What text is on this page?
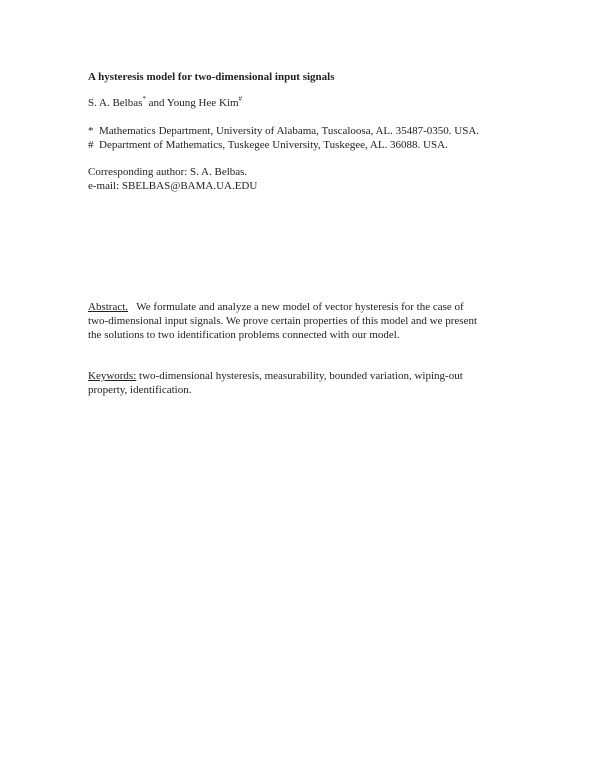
A hysteresis model for two-dimensional input signals
S. A. Belbas* and Young Hee Kim#
* Mathematics Department, University of Alabama, Tuscaloosa, AL. 35487-0350. USA.
# Department of Mathematics, Tuskegee University, Tuskegee, AL. 36088. USA.
Corresponding author: S. A. Belbas.
e-mail: SBELBAS@BAMA.UA.EDU
Abstract. We formulate and analyze a new model of vector hysteresis for the case of
two-dimensional input signals. We prove certain properties of this model and we present
the solutions to two identification problems connected with our model.
Keywords: two-dimensional hysteresis, measurability, bounded variation, wiping-out
property, identification.
